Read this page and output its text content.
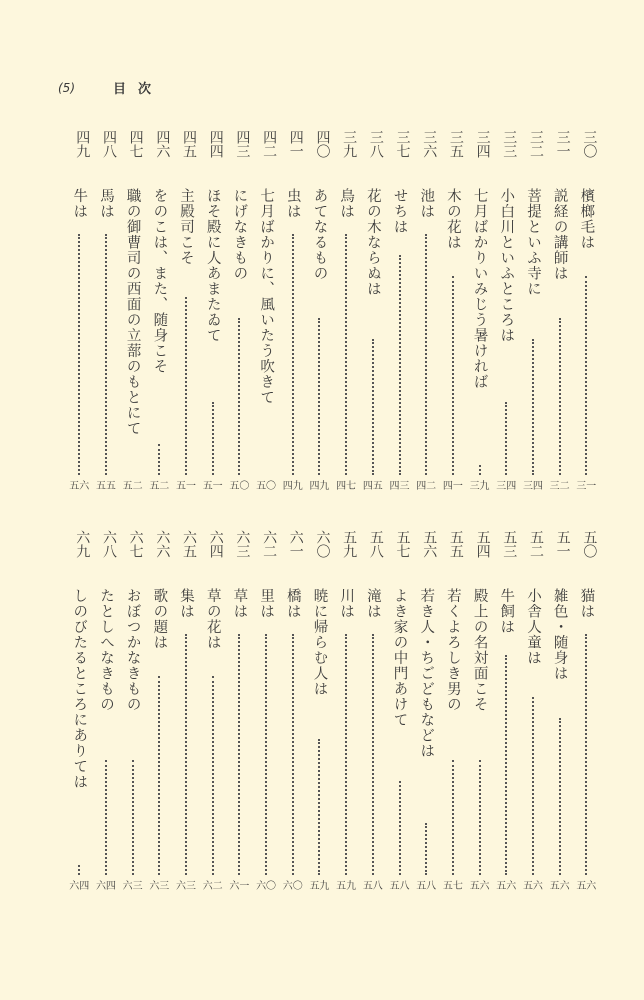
(5)	目次
三〇
檳榔毛は
三一
三一
説経の講師は
三二
三二
菩提といふ寺に
三四
三三
小白川といふところは
三四
三四
七月ばかりいみじう暑ければ
三九
三五
木の花は
四一
三六
池は
四二
三七
せちは
四三
三八
花の木ならぬは
四五
三九
鳥は
四七
四〇
あてなるもの
四九
四一
虫は
四九
四二
七月ばかりに、風いたう吹きて
五〇
四三
にげなきもの
五〇
四四
ほそ殿に人あまたゐて
五一
四五
主殿司こそ
五一
四六
をのこは、また、随身こそ
五二
四七
職の御曹司の西面の立蔀のもとにて
五二
四八
馬は
五五
四九
牛は
五六
五〇
猫は
五六
五一
雑色・随身は
五六
五二
小舎人童は
五六
五三
牛飼は
五六
五四
殿上の名対面こそ
五六
五五
若くよろしき男の
五七
五六
若き人・ちごどもなどは
五八
五七
よき家の中門あけて
五八
五八
滝は
五八
五九
川は
五九
六〇
暁に帰らむ人は
五九
六一
橋は
六〇
六二
里は
六〇
六三
草は
六一
六四
草の花は
六二
六五
集は
六三
六六
歌の題は
六三
六七
おぼつかなきもの
六三
六八
たとしへなきもの
六四
六九
しのびたるところにありては
六四
